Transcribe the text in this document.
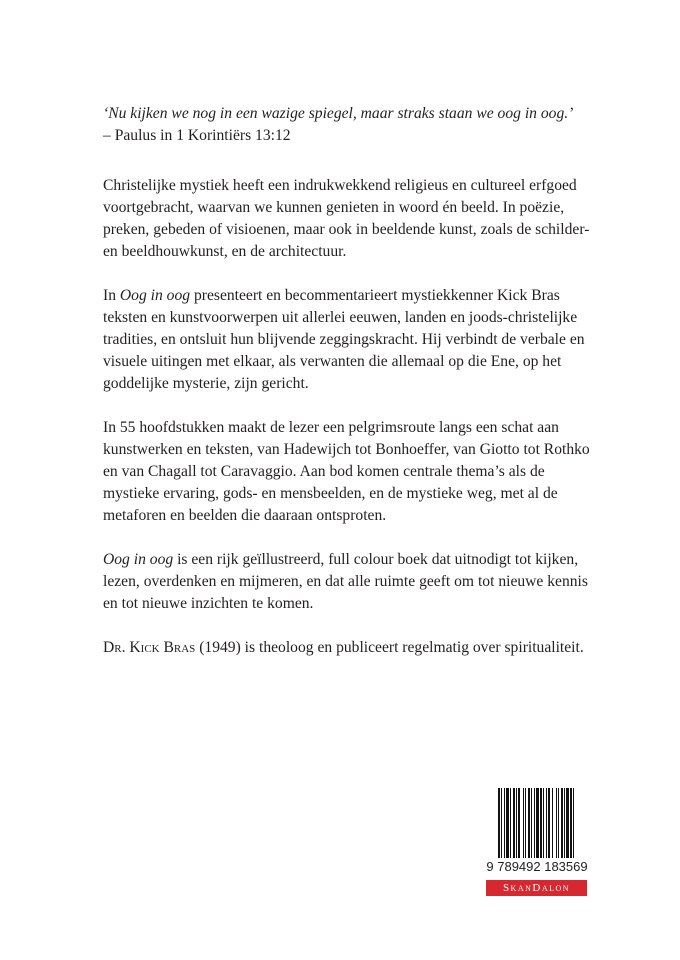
‘Nu kijken we nog in een wazige spiegel, maar straks staan we oog in oog.’
– Paulus in 1 Korintiërs 13:12

Christelijke mystiek heeft een indrukwekkend religieus en cultureel erfgoed voortgebracht, waarvan we kunnen genieten in woord én beeld. In poëzie, preken, gebeden of visioenen, maar ook in beeldende kunst, zoals de schilder- en beeldhouwkunst, en de architectuur.

In Oog in oog presenteert en becommentarieert mystiekkenner Kick Bras teksten en kunstvoorwerpen uit allerlei eeuwen, landen en joods-christelijke tradities, en ontsluit hun blijvende zeggingskracht. Hij verbindt de verbale en visuele uitingen met elkaar, als verwanten die allemaal op die Ene, op het goddelijke mysterie, zijn gericht.

In 55 hoofdstukken maakt de lezer een pelgrimsroute langs een schat aan kunstwerken en teksten, van Hadewijch tot Bonhoeffer, van Giotto tot Rothko en van Chagall tot Caravaggio. Aan bod komen centrale thema’s als de mystieke ervaring, gods- en mensbeelden, en de mystieke weg, met al de metaforen en beelden die daaraan ontsproten.

Oog in oog is een rijk geïllustreerd, full colour boek dat uitnodigt tot kijken, lezen, overdenken en mijmeren, en dat alle ruimte geeft om tot nieuwe kennis en tot nieuwe inzichten te komen.

Dr. Kick Bras (1949) is theoloog en publiceert regelmatig over spiritualiteit.

9 789492 183569
SkanDalon
